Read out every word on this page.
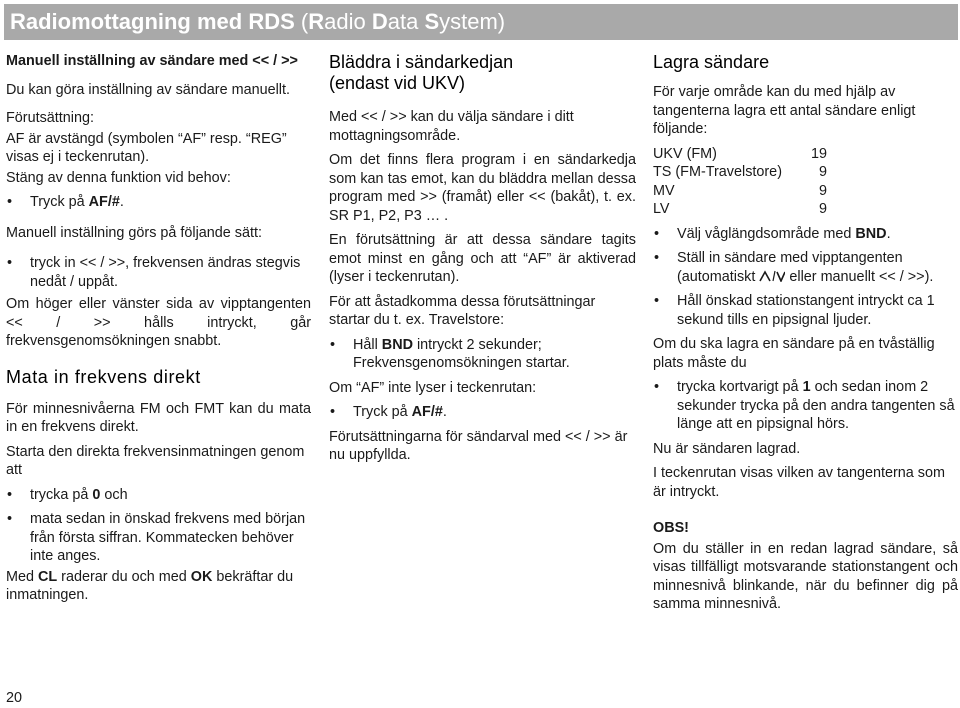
Radiomottagning med RDS (Radio Data System)
Manuell inställning av sändare med << / >>
Du kan göra inställning av sändare manuellt.
Förutsättning:
AF är avstängd (symbolen “AF” resp. “REG” visas ej i teckenrutan).
Stäng av denna funktion vid behov:
• Tryck på AF/#.
Manuell inställning görs på följande sätt:
• tryck in << / >>, frekvensen ändras stegvis nedåt / uppåt.
Om höger eller vänster sida av vipptangenten << / >> hålls intryckt, går frekvensgenomsökningen snabbt.
Mata in frekvens direkt
För minnesnivåerna FM och FMT kan du mata in en frekvens direkt.
Starta den direkta frekvensinmatningen genom att
• trycka på 0 och
• mata sedan in önskad frekvens med början från första siffran. Kommatecken behöver inte anges.
Med CL raderar du och med OK bekräftar du inmatningen.
Bläddra i sändarkedjan
(endast vid UKV)
Med << / >> kan du välja sändare i ditt mottagningsområde.
Om det finns flera program i en sändarkedja som kan tas emot, kan du bläddra mellan dessa program med >> (framåt) eller << (bakåt), t. ex. SR P1, P2, P3 … .
En förutsättning är att dessa sändare tagits emot minst en gång och att “AF” är aktiverad (lyser i teckenrutan).
För att åstadkomma dessa förutsättningar startar du t. ex. Travelstore:
• Håll BND intryckt 2 sekunder; Frekvensgenomsökningen startar.
Om “AF” inte lyser i teckenrutan:
• Tryck på AF/#.
Förutsättningarna för sändarval med << / >> är nu uppfyllda.
Lagra sändare
För varje område kan du med hjälp av tangenterna lagra ett antal sändare enligt följande:
UKV (FM)	19
TS (FM-Travelstore)	9
MV	9
LV	9
• Välj våglängdsområde med BND.
• Ställ in sändare med vipptangenten (automatiskt  eller manuellt << / >>).
• Håll önskad stationstangent intryckt ca 1 sekund tills en pipsignal ljuder.
Om du ska lagra en sändare på en tvåställig plats måste du
• trycka kortvarigt på 1 och sedan inom 2 sekunder trycka på den andra tangenten så länge att en pipsignal hörs.
Nu är sändaren lagrad.
I teckenrutan visas vilken av tangenterna som är intryckt.
OBS!
Om du ställer in en redan lagrad sändare, så visas tillfälligt motsvarande stationstangent och minnesnivå blinkande, när du befinner dig på samma minnesnivå.
20
